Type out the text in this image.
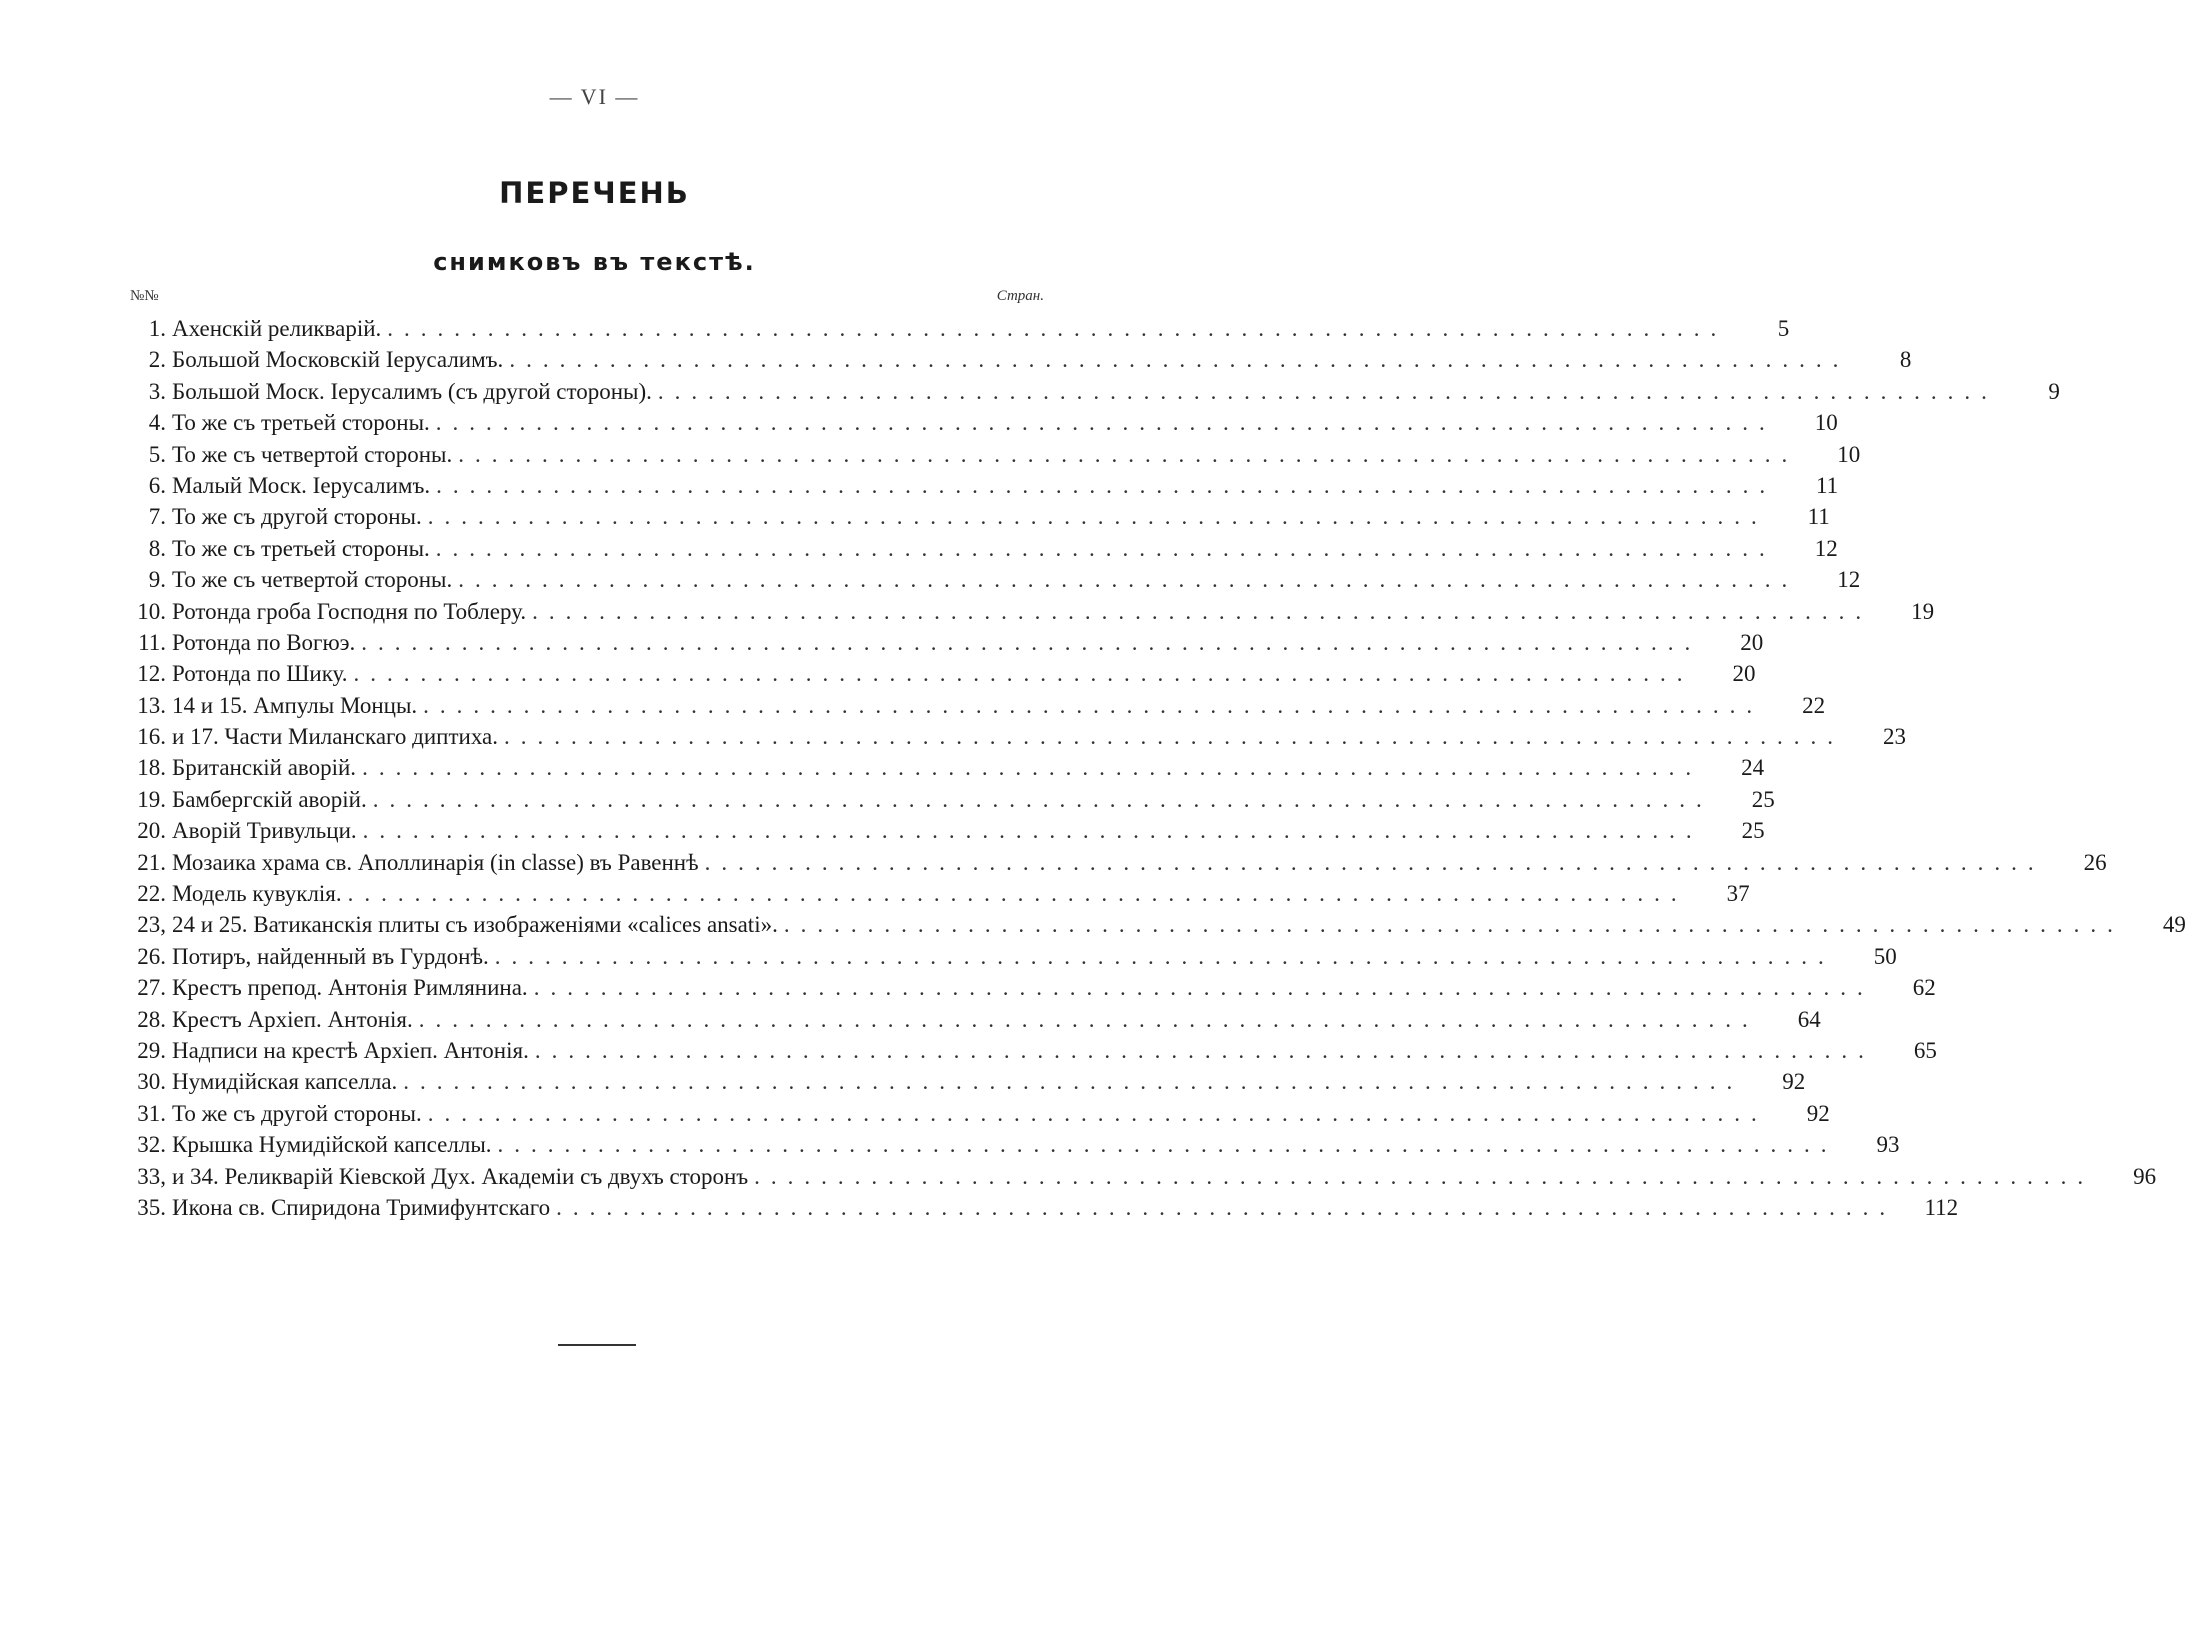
— VI —
ПЕРЕЧЕНЬ
снимковъ въ текстѣ.
№№	Стран.
1. Ахенскій реликварій. ................................................................................	5
2. Большой Московскій Іерусалимъ. ................................................................................	8
3. Большой Моск. Іерусалимъ (съ другой стороны). ................................................................................	9
4. То же съ третьей стороны. ................................................................................	10
5. То же съ четвертой стороны. ................................................................................	10
6. Малый Моск. Іерусалимъ. ................................................................................	11
7. То же съ другой стороны. ................................................................................	11
8. То же съ третьей стороны. ................................................................................	12
9. То же съ четвертой стороны. ................................................................................	12
10. Ротонда гроба Господня по Тоблеру. ................................................................................	19
11. Ротонда по Вогюэ. ................................................................................	20
12. Ротонда по Шику. ................................................................................	20
13. 14 и 15. Ампулы Монцы. ................................................................................	22
16. и 17. Части Миланскаго диптиха. ................................................................................	23
18. Британскій аворій. ................................................................................	24
19. Бамбергскій аворій. ................................................................................	25
20. Аворій Тривульци. ................................................................................	25
21. Мозаика храма св. Аполлинарія (in classe) въ Равеннѣ ................................................................................	26
22. Модель кувуклія. ................................................................................	37
23, 24 и 25. Ватиканскія плиты съ изображеніями «calices ansati». ................................................................................	49
26. Потиръ, найденный въ Гурдонѣ. ................................................................................	50
27. Крестъ препод. Антонія Римлянина. ................................................................................	62
28. Крестъ Архіеп. Антонія. ................................................................................	64
29. Надписи на крестѣ Архіеп. Антонія. ................................................................................	65
30. Нумидійская капселла. ................................................................................	92
31. То же съ другой стороны. ................................................................................	92
32. Крышка Нумидійской капселлы. ................................................................................	93
33, и 34. Реликварій Кіевской Дух. Академіи съ двухъ сторонъ ................................................................................	96
35. Икона св. Спиридона Тримифунтскаго ................................................................................	112
